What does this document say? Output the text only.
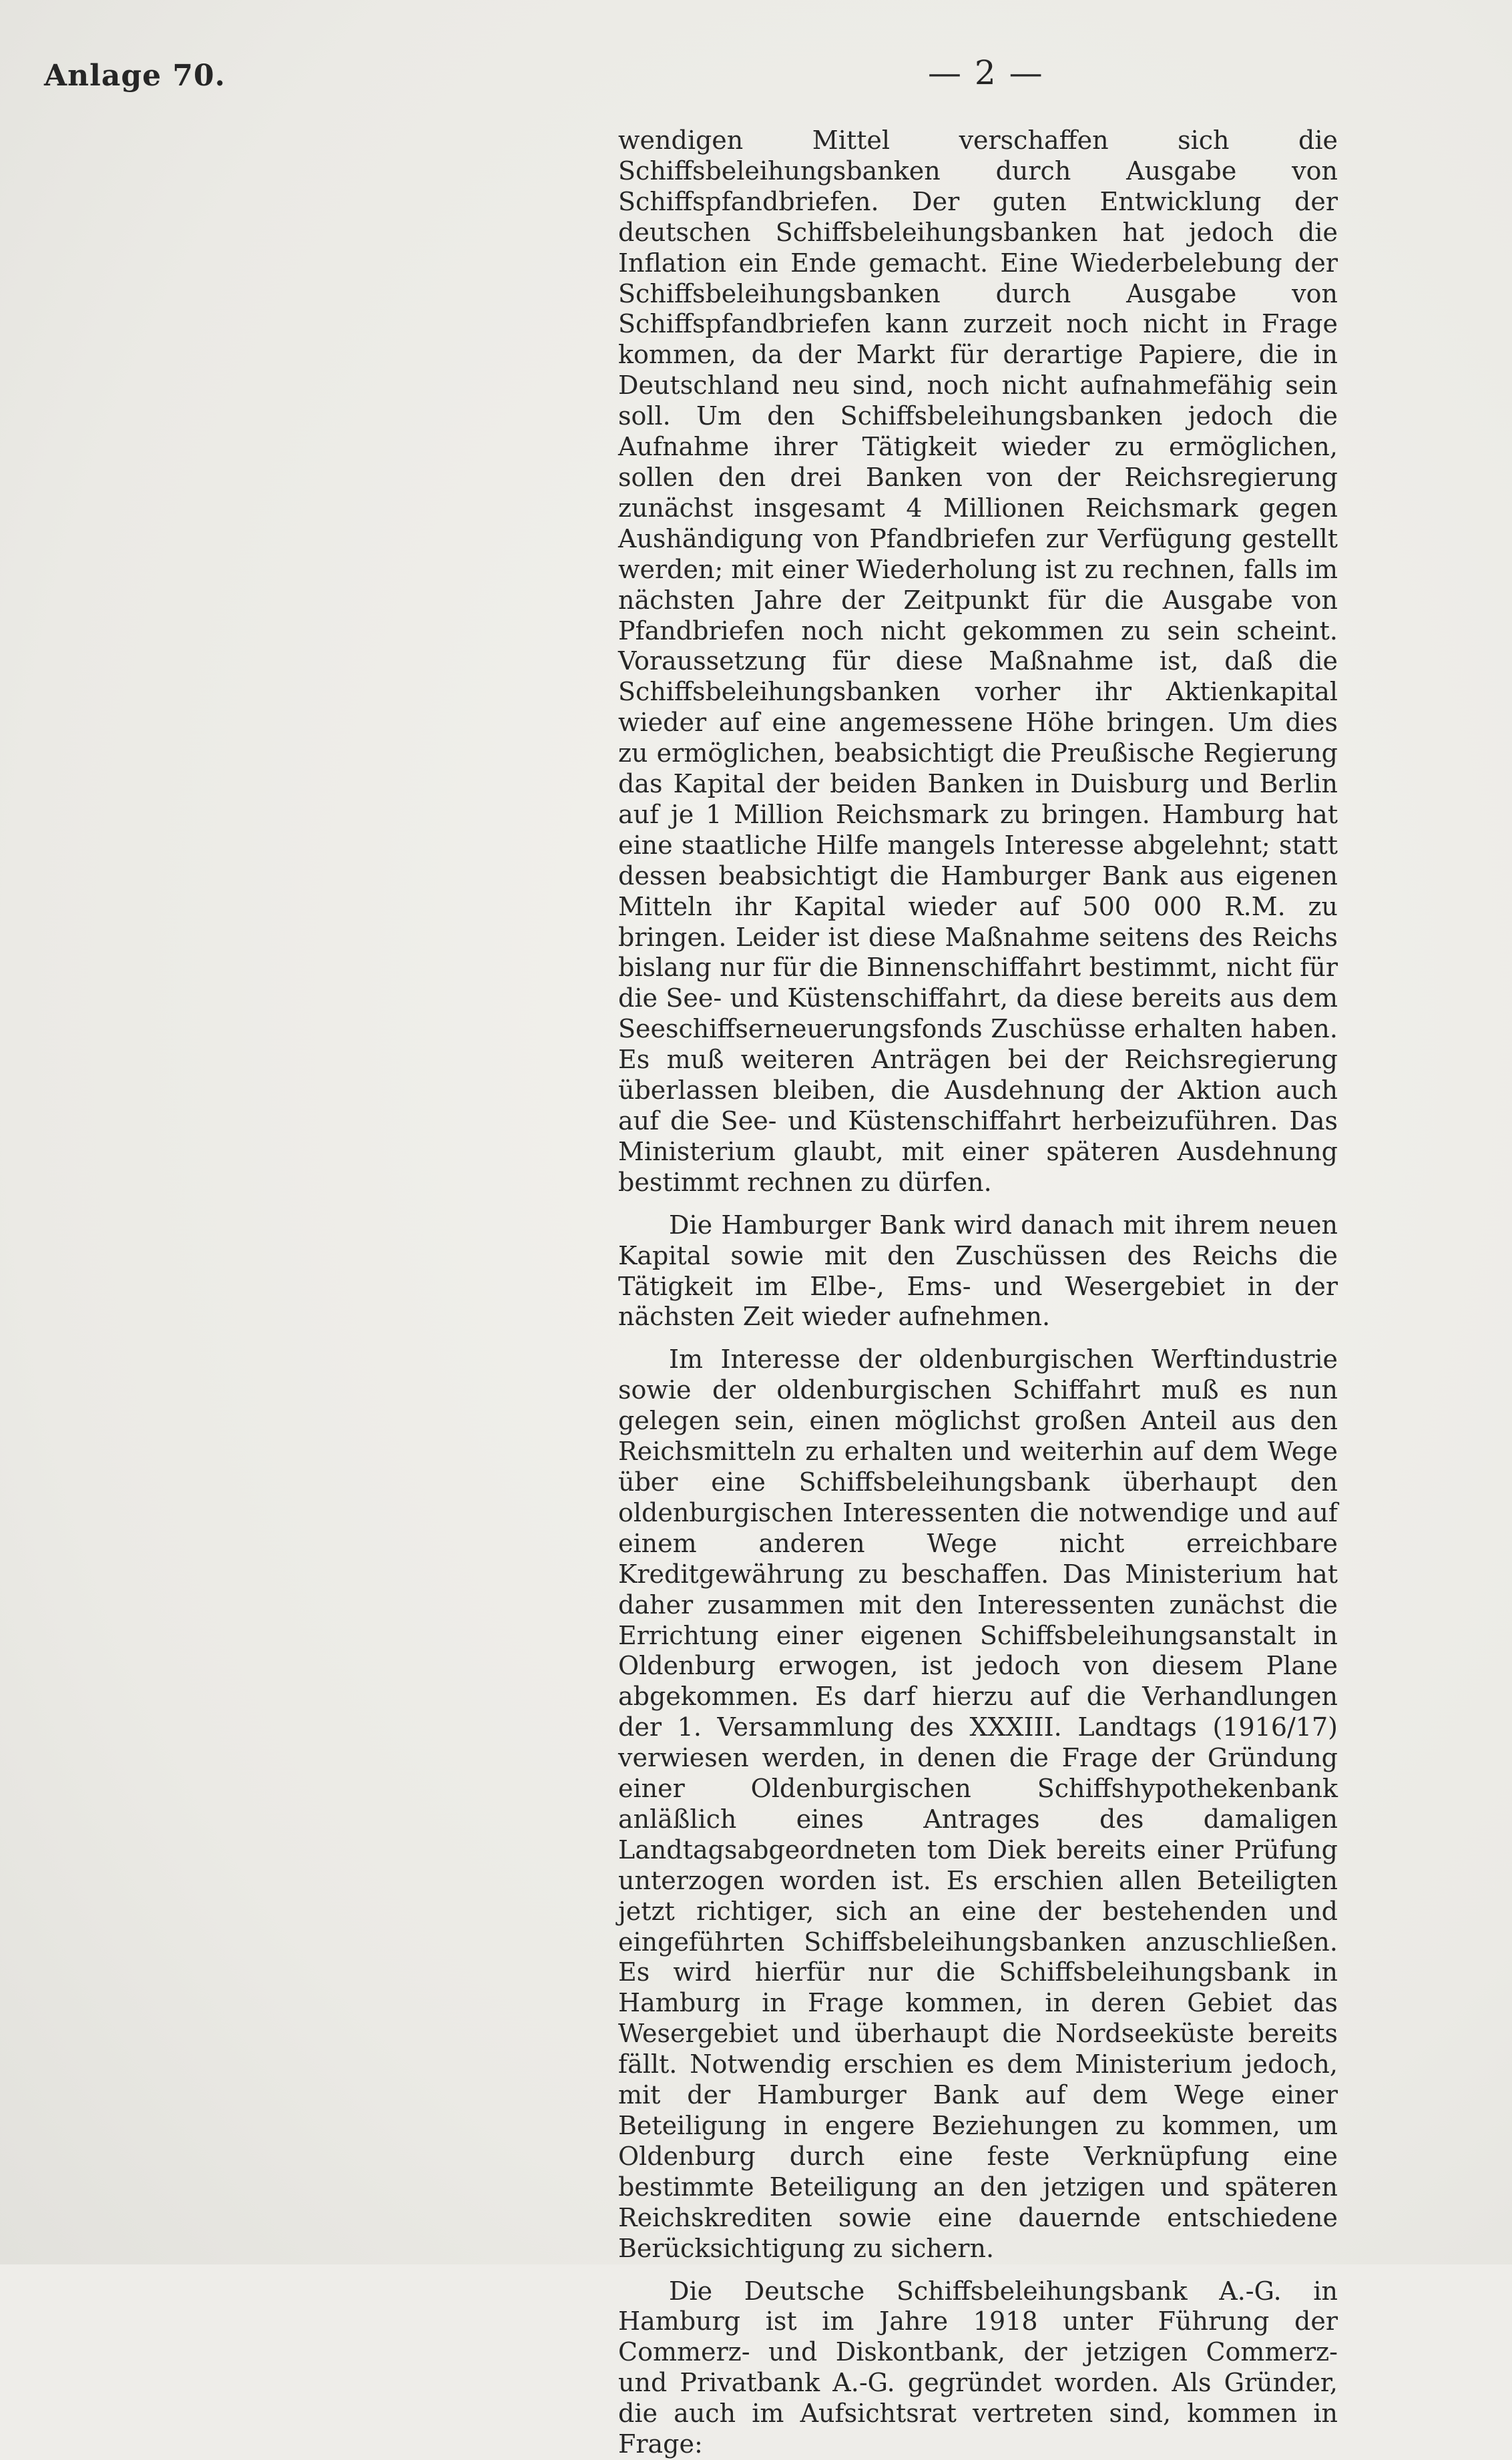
Anlage 70.	— 2 —

wendigen Mittel verschaffen sich die Schiffsbeleihungsbanken durch Ausgabe von Schiffspfandbriefen. Der guten Entwicklung der deutschen Schiffsbeleihungsbanken hat jedoch die Inflation ein Ende gemacht. Eine Wiederbelebung der Schiffsbeleihungsbanken durch Ausgabe von Schiffspfandbriefen kann zurzeit noch nicht in Frage kommen, da der Markt für derartige Papiere, die in Deutschland neu sind, noch nicht aufnahmefähig sein soll. Um den Schiffsbeleihungsbanken jedoch die Aufnahme ihrer Tätigkeit wieder zu ermöglichen, sollen den drei Banken von der Reichsregierung zunächst insgesamt 4 Millionen Reichsmark gegen Aushändigung von Pfandbriefen zur Verfügung gestellt werden; mit einer Wiederholung ist zu rechnen, falls im nächsten Jahre der Zeitpunkt für die Ausgabe von Pfandbriefen noch nicht gekommen zu sein scheint. Voraussetzung für diese Maßnahme ist, daß die Schiffsbeleihungsbanken vorher ihr Aktienkapital wieder auf eine angemessene Höhe bringen. Um dies zu ermöglichen, beabsichtigt die Preußische Regierung das Kapital der beiden Banken in Duisburg und Berlin auf je 1 Million Reichsmark zu bringen. Hamburg hat eine staatliche Hilfe mangels Interesse abgelehnt; statt dessen beabsichtigt die Hamburger Bank aus eigenen Mitteln ihr Kapital wieder auf 500 000 R.M. zu bringen. Leider ist diese Maßnahme seitens des Reichs bislang nur für die Binnenschiffahrt bestimmt, nicht für die See- und Küstenschiffahrt, da diese bereits aus dem Seeschiffserneuerungsfonds Zuschüsse erhalten haben. Es muß weiteren Anträgen bei der Reichsregierung überlassen bleiben, die Ausdehnung der Aktion auch auf die See- und Küstenschiffahrt herbeizuführen. Das Ministerium glaubt, mit einer späteren Ausdehnung bestimmt rechnen zu dürfen.

Die Hamburger Bank wird danach mit ihrem neuen Kapital sowie mit den Zuschüssen des Reichs die Tätigkeit im Elbe-, Ems- und Wesergebiet in der nächsten Zeit wieder aufnehmen.

Im Interesse der oldenburgischen Werftindustrie sowie der oldenburgischen Schiffahrt muß es nun gelegen sein, einen möglichst großen Anteil aus den Reichsmitteln zu erhalten und weiterhin auf dem Wege über eine Schiffsbeleihungsbank überhaupt den oldenburgischen Interessenten die notwendige und auf einem anderen Wege nicht erreichbare Kreditgewährung zu beschaffen. Das Ministerium hat daher zusammen mit den Interessenten zunächst die Errichtung einer eigenen Schiffsbeleihungsanstalt in Oldenburg erwogen, ist jedoch von diesem Plane abgekommen. Es darf hierzu auf die Verhandlungen der 1. Versammlung des XXXIII. Landtags (1916/17) verwiesen werden, in denen die Frage der Gründung einer Oldenburgischen Schiffshypothekenbank anläßlich eines Antrages des damaligen Landtagsabgeordneten tom Diek bereits einer Prüfung unterzogen worden ist. Es erschien allen Beteiligten jetzt richtiger, sich an eine der bestehenden und eingeführten Schiffsbeleihungsbanken anzuschließen. Es wird hierfür nur die Schiffsbeleihungsbank in Hamburg in Frage kommen, in deren Gebiet das Wesergebiet und überhaupt die Nordseeküste bereits fällt. Notwendig erschien es dem Ministerium jedoch, mit der Hamburger Bank auf dem Wege einer Beteiligung in engere Beziehungen zu kommen, um Oldenburg durch eine feste Verknüpfung eine bestimmte Beteiligung an den jetzigen und späteren Reichskrediten sowie eine dauernde entschiedene Berücksichtigung zu sichern.

Die Deutsche Schiffsbeleihungsbank A.-G. in Hamburg ist im Jahre 1918 unter Führung der Commerz- und Diskontbank, der jetzigen Commerz- und Privatbank A.-G. gegründet worden. Als Gründer, die auch im Aufsichtsrat vertreten sind, kommen in Frage:
